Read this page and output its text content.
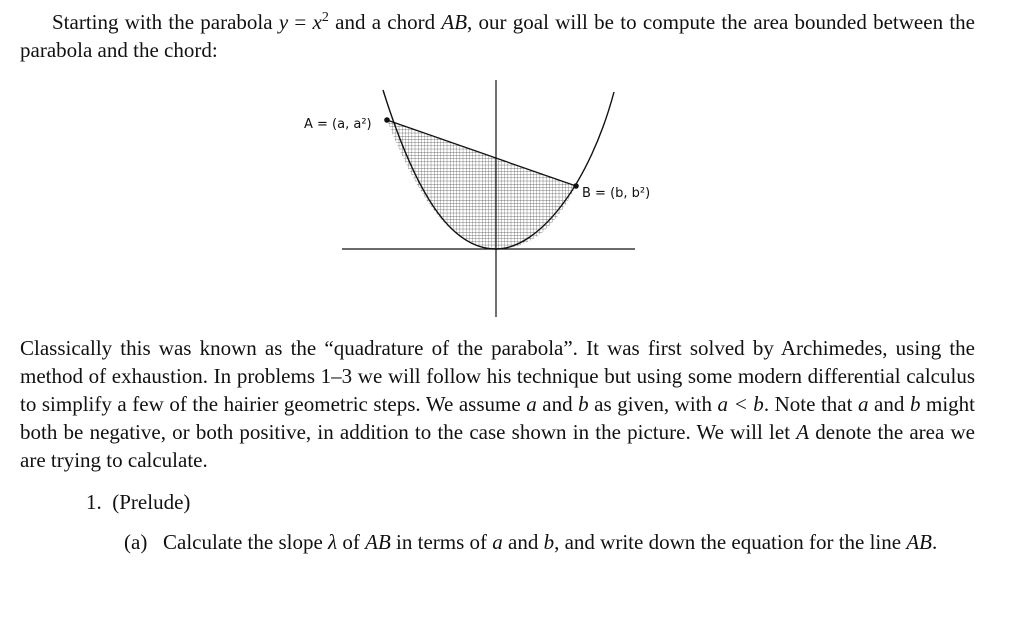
Starting with the parabola $y = x^2$ and a chord AB, our goal will be to compute the area bounded between the parabola and the chord:
A = (a, a²)
B = (b, b²)
Classically this was known as the “quadrature of the parabola”. It was first solved by Archimedes, using the method of exhaustion. In problems 1–3 we will follow his technique but using some modern differential calculus to simplify a few of the hairier geometric steps. We assume a and b as given, with a < b. Note that a and b might both be negative, or both positive, in addition to the case shown in the picture. We will let A denote the area we are trying to calculate.
1. (Prelude)
(a) Calculate the slope λ of AB in terms of a and b, and write down the equation for the line AB.
